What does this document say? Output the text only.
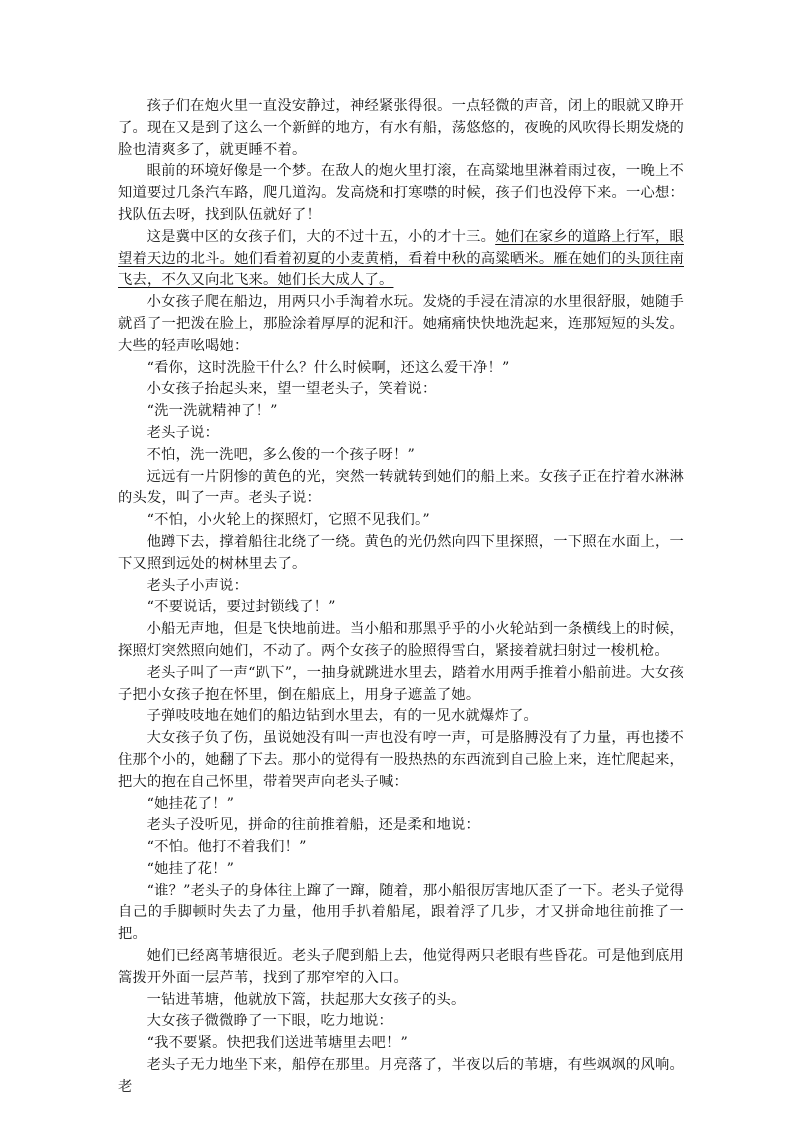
孩子们在炮火里一直没安静过，神经紧张得很。一点轻微的声音，闭上的眼就又睁开了。现在又是到了这么一个新鲜的地方，有水有船，荡悠悠的，夜晚的风吹得长期发烧的脸也清爽多了，就更睡不着。

眼前的环境好像是一个梦。在敌人的炮火里打滚，在高粱地里淋着雨过夜，一晚上不知道要过几条汽车路，爬几道沟。发高烧和打寒噤的时候，孩子们也没停下来。一心想：找队伍去呀，找到队伍就好了！

这是冀中区的女孩子们，大的不过十五，小的才十三。她们在家乡的道路上行军，眼望着天边的北斗。她们看着初夏的小麦黄梢，看着中秋的高粱晒米。雁在她们的头顶往南飞去，不久又向北飞来。她们长大成人了。

小女孩子爬在船边，用两只小手淘着水玩。发烧的手浸在清凉的水里很舒服，她随手就舀了一把泼在脸上，那脸涂着厚厚的泥和汗。她痛痛快快地洗起来，连那短短的头发。大些的轻声吆喝她：

“看你，这时洗脸干什么？什么时候啊，还这么爱干净！”

小女孩子抬起头来，望一望老头子，笑着说：

“洗一洗就精神了！”

老头子说：

不怕，洗一洗吧，多么俊的一个孩子呀！”

远远有一片阴惨的黄色的光，突然一转就转到她们的船上来。女孩子正在拧着水淋淋的头发，叫了一声。老头子说：

“不怕，小火轮上的探照灯，它照不见我们。”

他蹲下去，撑着船往北绕了一绕。黄色的光仍然向四下里探照，一下照在水面上，一下又照到远处的树林里去了。

老头子小声说：

“不要说话，要过封锁线了！”

小船无声地，但是飞快地前进。当小船和那黑乎乎的小火轮站到一条横线上的时候，探照灯突然照向她们，不动了。两个女孩子的脸照得雪白，紧接着就扫射过一梭机枪。

老头子叫了一声“趴下”，一抽身就跳进水里去，踏着水用两手推着小船前进。大女孩子把小女孩子抱在怀里，倒在船底上，用身子遮盖了她。

子弹吱吱地在她们的船边钻到水里去，有的一见水就爆炸了。

大女孩子负了伤，虽说她没有叫一声也没有哼一声，可是胳膊没有了力量，再也搂不住那个小的，她翻了下去。那小的觉得有一股热热的东西流到自己脸上来，连忙爬起来，把大的抱在自己怀里，带着哭声向老头子喊：

“她挂花了！”

老头子没听见，拼命的往前推着船，还是柔和地说：

“不怕。他打不着我们！”

“她挂了花！”

“谁？”老头子的身体往上蹿了一蹿，随着，那小船很厉害地仄歪了一下。老头子觉得自己的手脚顿时失去了力量，他用手扒着船尾，跟着浮了几步，才又拼命地往前推了一把。

她们已经离苇塘很近。老头子爬到船上去，他觉得两只老眼有些昏花。可是他到底用篙拨开外面一层芦苇，找到了那窄窄的入口。

一钻进苇塘，他就放下篙，扶起那大女孩子的头。

大女孩子微微睁了一下眼，吃力地说：

“我不要紧。快把我们送进苇塘里去吧！”

老头子无力地坐下来，船停在那里。月亮落了，半夜以后的苇塘，有些飒飒的风响。老
